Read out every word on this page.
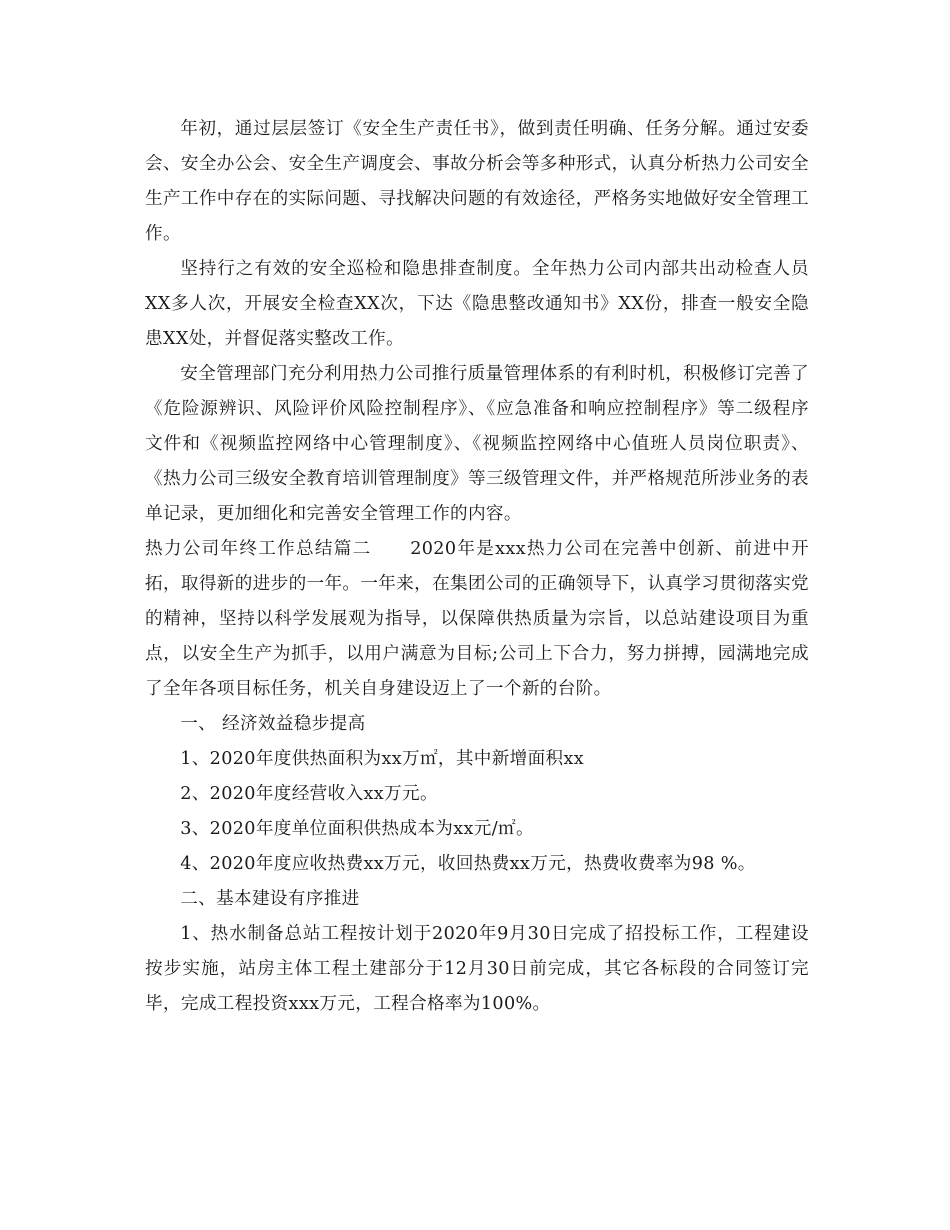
年初，通过层层签订《安全生产责任书》，做到责任明确、任务分解。通过安委会、安全办公会、安全生产调度会、事故分析会等多种形式，认真分析热力公司安全生产工作中存在的实际问题、寻找解决问题的有效途径，严格务实地做好安全管理工作。

坚持行之有效的安全巡检和隐患排查制度。全年热力公司内部共出动检查人员XX多人次，开展安全检查XX次，下达《隐患整改通知书》XX份，排查一般安全隐患XX处，并督促落实整改工作。

安全管理部门充分利用热力公司推行质量管理体系的有利时机，积极修订完善了《危险源辨识、风险评价风险控制程序》、《应急准备和响应控制程序》等二级程序文件和《视频监控网络中心管理制度》、《视频监控网络中心值班人员岗位职责》、《热力公司三级安全教育培训管理制度》等三级管理文件，并严格规范所涉业务的表单记录，更加细化和完善安全管理工作的内容。

热力公司年终工作总结篇二 2020年是xxx热力公司在完善中创新、前进中开拓，取得新的进步的一年。一年来，在集团公司的正确领导下，认真学习贯彻落实党的精神，坚持以科学发展观为指导，以保障供热质量为宗旨，以总站建设项目为重点，以安全生产为抓手，以用户满意为目标;公司上下合力，努力拼搏，园满地完成了全年各项目标任务，机关自身建设迈上了一个新的台阶。

一、 经济效益稳步提高

1、2020年度供热面积为xx万㎡，其中新增面积xx

2、2020年度经营收入xx万元。

3、2020年度单位面积供热成本为xx元/㎡。

4、2020年度应收热费xx万元，收回热费xx万元，热费收费率为98 %。

二、基本建设有序推进

1、热水制备总站工程按计划于2020年9月30日完成了招投标工作，工程建设按步实施，站房主体工程土建部分于12月30日前完成，其它各标段的合同签订完毕，完成工程投资xxx万元，工程合格率为100%。
